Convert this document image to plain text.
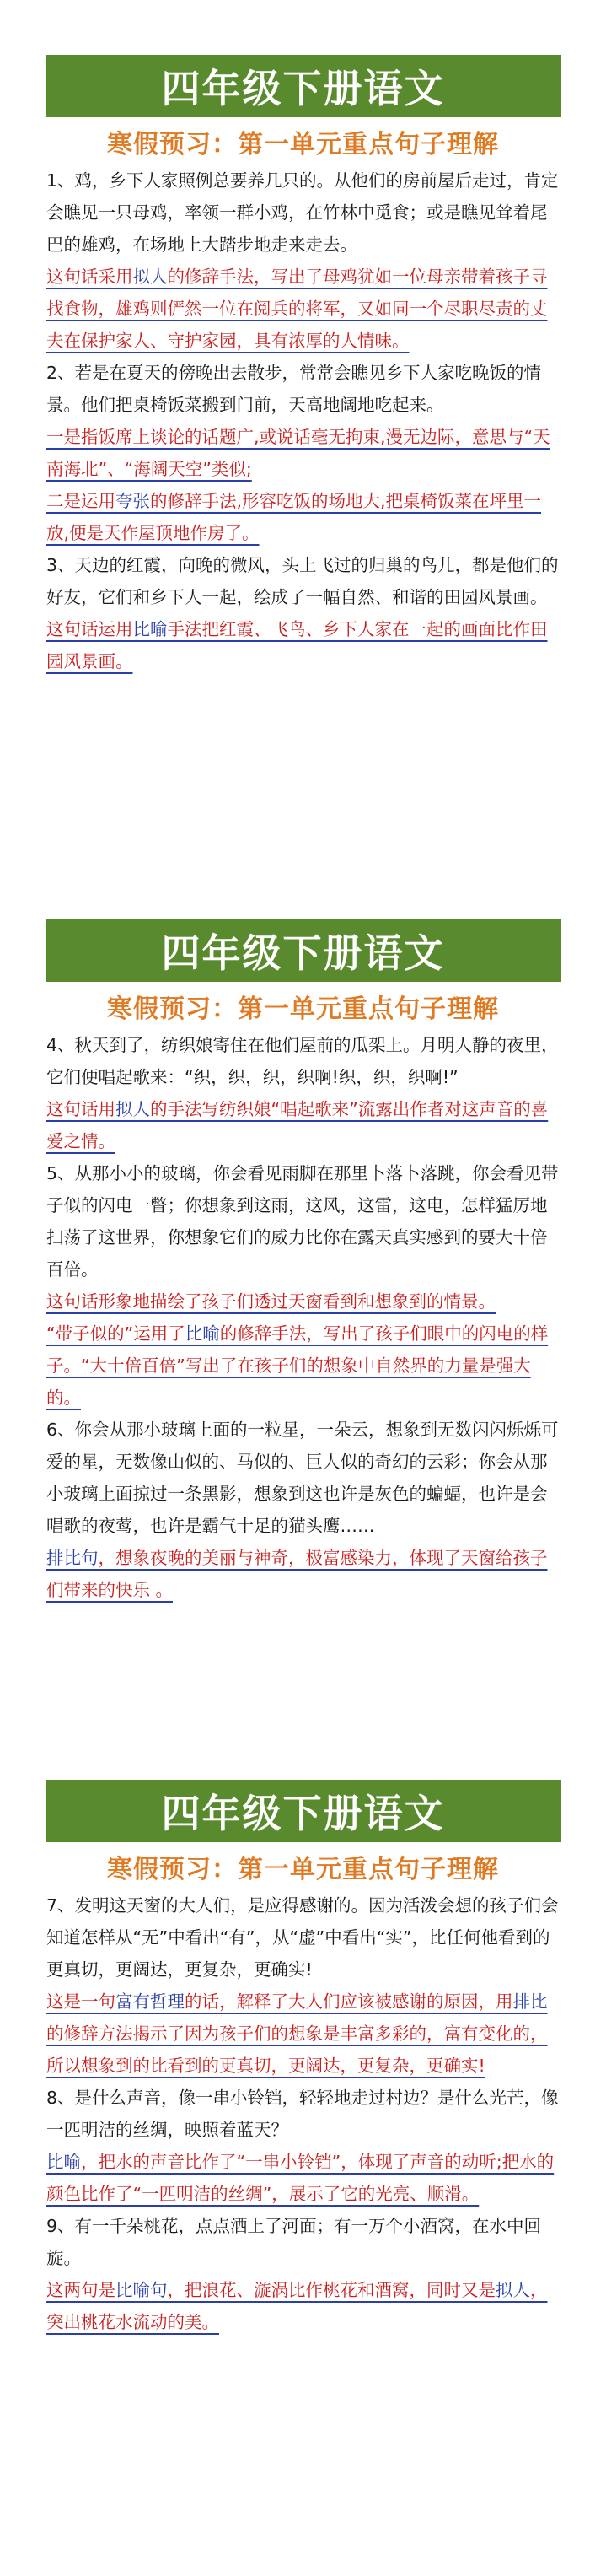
四年级下册语文
寒假预习：第一单元重点句子理解

1、鸡，乡下人家照例总要养几只的。从他们的房前屋后走过，肯定会瞧见一只母鸡，率领一群小鸡，在竹林中觅食；或是瞧见耸着尾巴的雄鸡，在场地上大踏步地走来走去。

这句话采用拟人的修辞手法，写出了母鸡犹如一位母亲带着孩子寻找食物，雄鸡则俨然一位在阅兵的将军，又如同一个尽职尽责的丈夫在保护家人、守护家园，具有浓厚的人情味。

2、若是在夏天的傍晚出去散步，常常会瞧见乡下人家吃晚饭的情景。他们把桌椅饭菜搬到门前，天高地阔地吃起来。

一是指饭席上谈论的话题广,或说话毫无拘束,漫无边际，意思与“天南海北”、“海阔天空”类似;

二是运用夸张的修辞手法,形容吃饭的场地大,把桌椅饭菜在坪里一放,便是天作屋顶地作房了。

3、天边的红霞，向晚的微风，头上飞过的归巢的鸟儿，都是他们的好友，它们和乡下人一起，绘成了一幅自然、和谐的田园风景画。

这句话运用比喻手法把红霞、飞鸟、乡下人家在一起的画面比作田园风景画。

四年级下册语文
寒假预习：第一单元重点句子理解

4、秋天到了，纺织娘寄住在他们屋前的瓜架上。月明人静的夜里，它们便唱起歌来：“织，织，织，织啊!织，织，织啊!”

这句话用拟人的手法写纺织娘“唱起歌来”流露出作者对这声音的喜爱之情。

5、从那小小的玻璃，你会看见雨脚在那里卜落卜落跳，你会看见带子似的闪电一瞥；你想象到这雨，这风，这雷，这电，怎样猛厉地扫荡了这世界，你想象它们的威力比你在露天真实感到的要大十倍百倍。

这句话形象地描绘了孩子们透过天窗看到和想象到的情景。

“带子似的”运用了比喻的修辞手法，写出了孩子们眼中的闪电的样子。“大十倍百倍”写出了在孩子们的想象中自然界的力量是强大的。

6、你会从那小玻璃上面的一粒星，一朵云，想象到无数闪闪烁烁可爱的星，无数像山似的、马似的、巨人似的奇幻的云彩；你会从那小玻璃上面掠过一条黑影，想象到这也许是灰色的蝙蝠，也许是会唱歌的夜莺，也许是霸气十足的猫头鹰……

排比句，想象夜晚的美丽与神奇，极富感染力，体现了天窗给孩子们带来的快乐 。

四年级下册语文
寒假预习：第一单元重点句子理解

7、发明这天窗的大人们，是应得感谢的。因为活泼会想的孩子们会知道怎样从“无”中看出“有”，从“虚”中看出“实”，比任何他看到的更真切，更阔达，更复杂，更确实!

这是一句富有哲理的话，解释了大人们应该被感谢的原因，用排比的修辞方法揭示了因为孩子们的想象是丰富多彩的，富有变化的，所以想象到的比看到的更真切，更阔达，更复杂，更确实!

8、是什么声音，像一串小铃铛，轻轻地走过村边？是什么光芒，像一匹明洁的丝绸，映照着蓝天？

比喻，把水的声音比作了“一串小铃铛”，体现了声音的动听;把水的颜色比作了“一匹明洁的丝绸”，展示了它的光亮、顺滑。

9、有一千朵桃花，点点洒上了河面；有一万个小酒窝，在水中回旋。

这两句是比喻句，把浪花、漩涡比作桃花和酒窝，同时又是拟人，突出桃花水流动的美。
